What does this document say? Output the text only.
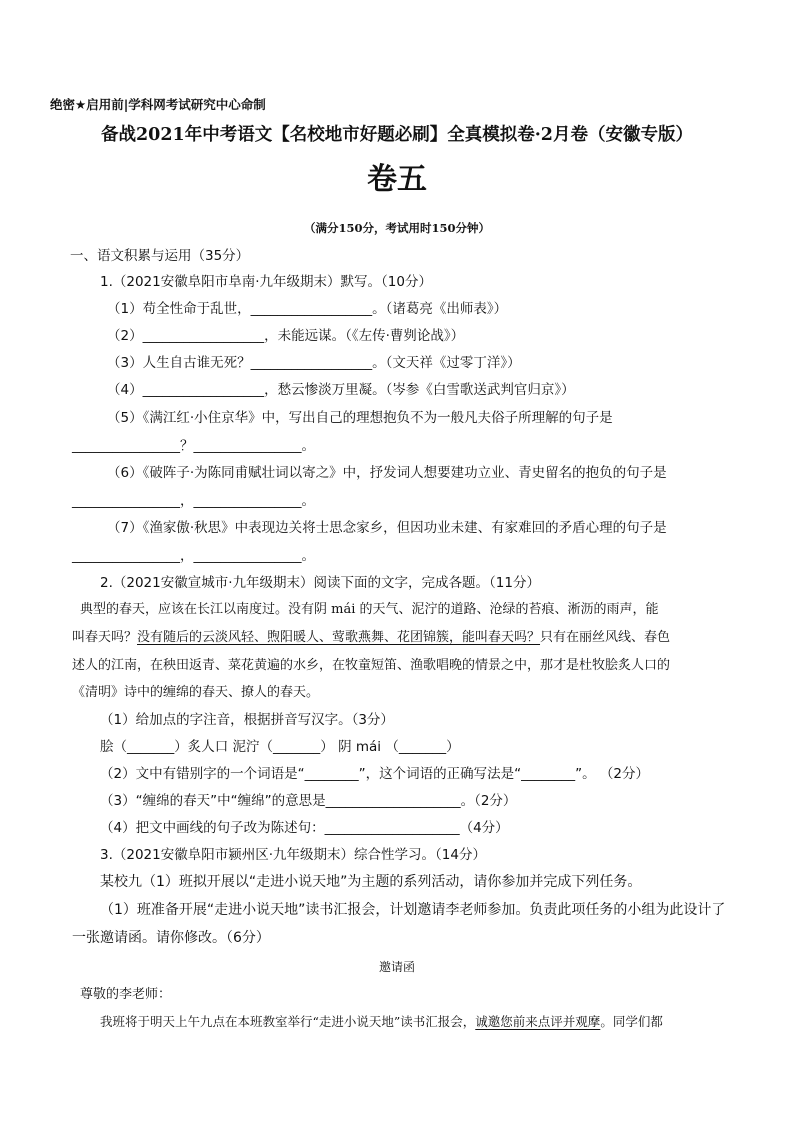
绝密★启用前|学科网考试研究中心命制
备战2021年中考语文【名校地市好题必刷】全真模拟卷·2月卷（安徽专版）
卷五
（满分150分，考试用时150分钟）
一、语文积累与运用（35分）
1.（2021安徽阜阳市阜南·九年级期末）默写。（10分）
（1）苟全性命于乱世，__________________。（诸葛亮《出师表》）
（2）__________________，未能远谋。（《左传·曹刿论战》）
（3）人生自古谁无死？__________________。（文天祥《过零丁洋》）
（4）__________________，愁云惨淡万里凝。（岑参《白雪歌送武判官归京》）
（5）《满江红·小住京华》中，写出自己的理想抱负不为一般凡夫俗子所理解的句子是
________________？________________。
（6）《破阵子·为陈同甫赋壮词以寄之》中，抒发词人想要建功立业、青史留名的抱负的句子是
________________，________________。
（7）《渔家傲·秋思》中表现边关将士思念家乡，但因功业未建、有家难回的矛盾心理的句子是
________________，________________。
2.（2021安徽宣城市·九年级期末）阅读下面的文字，完成各题。（11分）
典型的春天，应该在长江以南度过。没有阴 mái 的天气、泥泞的道路、沧绿的苔痕、淅沥的雨声，能
叫春天吗？没有随后的云淡风轻、煦阳暖人、莺歌燕舞、花团锦簇，能叫春天吗？只有在丽丝风线、春色
述人的江南，在秧田返青、菜花黄遍的水乡，在牧童短笛、渔歌唱晚的情景之中，那才是杜牧脍炙人口的
《清明》诗中的缠绵的春天、撩人的春天。
（1）给加点的字注音，根据拼音写汉字。（3分）
脍（_______）炙人口 泥泞（_______） 阴 mái （_______）
（2）文中有错别字的一个词语是“________”，这个词语的正确写法是“________”。 （2分）
（3）“缠绵的春天”中“缠绵”的意思是____________________。（2分）
（4）把文中画线的句子改为陈述句：____________________（4分）
3.（2021安徽阜阳市颍州区·九年级期末）综合性学习。（14分）
某校九（1）班拟开展以“走进小说天地”为主题的系列活动，请你参加并完成下列任务。
（1）班准备开展“走进小说天地”读书汇报会，计划邀请李老师参加。负责此项任务的小组为此设计了
一张邀请函。请你修改。（6分）
邀请函
尊敬的李老师：
我班将于明天上午九点在本班教室举行“走进小说天地”读书汇报会，诚邀您前来点评并观摩。同学们都
